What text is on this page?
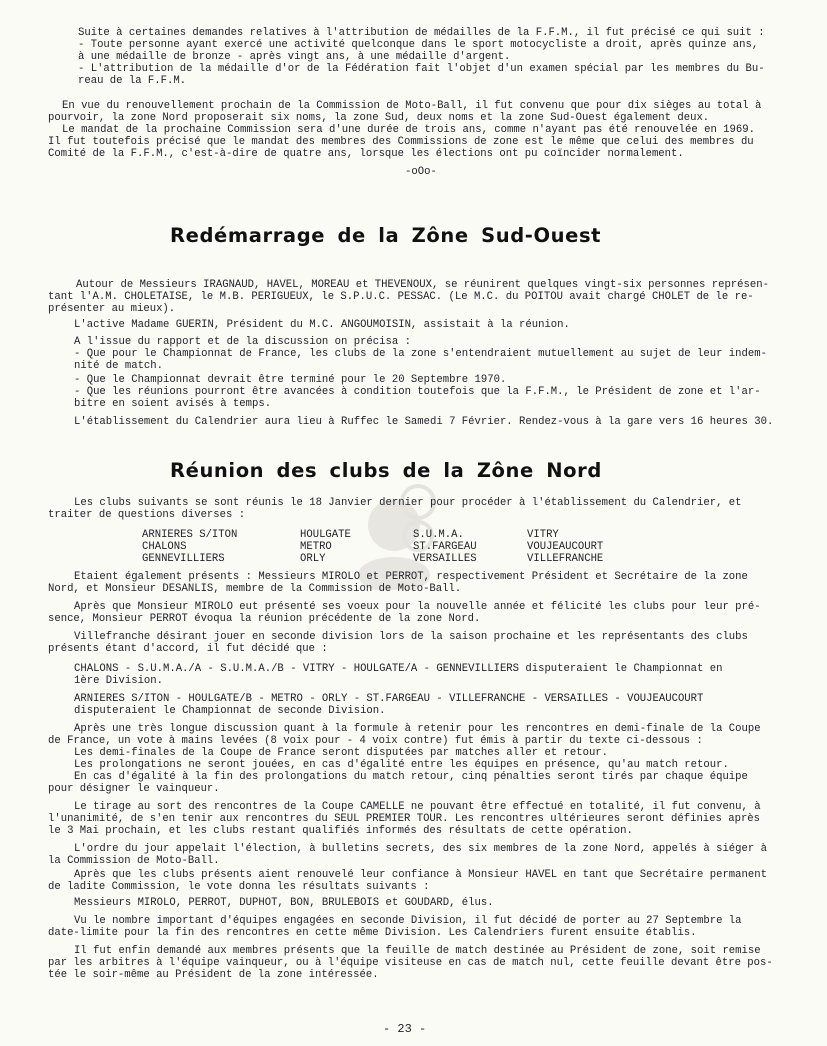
Suite à certaines demandes relatives à l'attribution de médailles de la F.F.M., il fut précisé ce qui suit :
- Toute personne ayant exercé une activité quelconque dans le sport motocycliste a droit, après quinze ans,
à une médaille de bronze - après vingt ans, à une médaille d'argent.
- L'attribution de la médaille d'or de la Fédération fait l'objet d'un examen spécial par les membres du Bu-
reau de la F.F.M.
En vue du renouvellement prochain de la Commission de Moto-Ball, il fut convenu que pour dix sièges au total à
pourvoir, la zone Nord proposerait six noms, la zone Sud, deux noms et la zone Sud-Ouest également deux.
Le mandat de la prochaine Commission sera d'une durée de trois ans, comme n'ayant pas été renouvelée en 1969.
Il fut toutefois précisé que le mandat des membres des Commissions de zone est le même que celui des membres du
Comité de la F.F.M., c'est-à-dire de quatre ans, lorsque les élections ont pu coïncider normalement.
-oOo-
Redémarrage de la Zône Sud-Ouest
Autour de Messieurs IRAGNAUD, HAVEL, MOREAU et THEVENOUX, se réunirent quelques vingt-six personnes représen-
tant l'A.M. CHOLETAISE, le M.B. PERIGUEUX, le S.P.U.C. PESSAC. (Le M.C. du POITOU avait chargé CHOLET de le re-
présenter au mieux).
L'active Madame GUERIN, Président du M.C. ANGOUMOISIN, assistait à la réunion.
A l'issue du rapport et de la discussion on précisa :
- Que pour le Championnat de France, les clubs de la zone s'entendraient mutuellement au sujet de leur indem-
nité de match.
- Que le Championnat devrait être terminé pour le 20 Septembre 1970.
- Que les réunions pourront être avancées à condition toutefois que la F.F.M., le Président de zone et l'ar-
bitre en soient avisés à temps.
L'établissement du Calendrier aura lieu à Ruffec le Samedi 7 Février. Rendez-vous à la gare vers 16 heures 30.
Réunion des clubs de la Zône Nord
Les clubs suivants se sont réunis le 18 Janvier dernier pour procéder à l'établissement du Calendrier, et
traiter de questions diverses :
ARNIERES S/ITON
CHALONS
GENNEVILLIERS
HOULGATE
METRO
ORLY
S.U.M.A.
ST.FARGEAU
VERSAILLES
VITRY
VOUJEAUCOURT
VILLEFRANCHE
Etaient également présents : Messieurs MIROLO et PERROT, respectivement Président et Secrétaire de la zone
Nord, et Monsieur DESANLIS, membre de la Commission de Moto-Ball.
Après que Monsieur MIROLO eut présenté ses voeux pour la nouvelle année et félicité les clubs pour leur pré-
sence, Monsieur PERROT évoqua la réunion précédente de la zone Nord.
Villefranche désirant jouer en seconde division lors de la saison prochaine et les représentants des clubs
présents étant d'accord, il fut décidé que :
CHALONS - S.U.M.A./A - S.U.M.A./B - VITRY - HOULGATE/A - GENNEVILLIERS disputeraient le Championnat en
1ère Division.
ARNIERES S/ITON - HOULGATE/B - METRO - ORLY - ST.FARGEAU - VILLEFRANCHE - VERSAILLES - VOUJEAUCOURT
disputeraient le Championnat de seconde Division.
Après une très longue discussion quant à la formule à retenir pour les rencontres en demi-finale de la Coupe
de France, un vote à mains levées (8 voix pour - 4 voix contre) fut émis à partir du texte ci-dessous :
Les demi-finales de la Coupe de France seront disputées par matches aller et retour.
Les prolongations ne seront jouées, en cas d'égalité entre les équipes en présence, qu'au match retour.
En cas d'égalité à la fin des prolongations du match retour, cinq pénalties seront tirés par chaque équipe
pour désigner le vainqueur.
Le tirage au sort des rencontres de la Coupe CAMELLE ne pouvant être effectué en totalité, il fut convenu, à
l'unanimité, de s'en tenir aux rencontres du SEUL PREMIER TOUR. Les rencontres ultérieures seront définies après
le 3 Mai prochain, et les clubs restant qualifiés informés des résultats de cette opération.
L'ordre du jour appelait l'élection, à bulletins secrets, des six membres de la zone Nord, appelés à siéger à
la Commission de Moto-Ball.
Après que les clubs présents aient renouvelé leur confiance à Monsieur HAVEL en tant que Secrétaire permanent
de ladite Commission, le vote donna les résultats suivants :
Messieurs MIROLO, PERROT, DUPHOT, BON, BRULEBOIS et GOUDARD, élus.
Vu le nombre important d'équipes engagées en seconde Division, il fut décidé de porter au 27 Septembre la
date-limite pour la fin des rencontres en cette même Division. Les Calendriers furent ensuite établis.
Il fut enfin demandé aux membres présents que la feuille de match destinée au Président de zone, soit remise
par les arbitres à l'équipe vainqueur, ou à l'équipe visiteuse en cas de match nul, cette feuille devant être pos-
tée le soir-même au Président de la zone intéressée.
- 23 -
